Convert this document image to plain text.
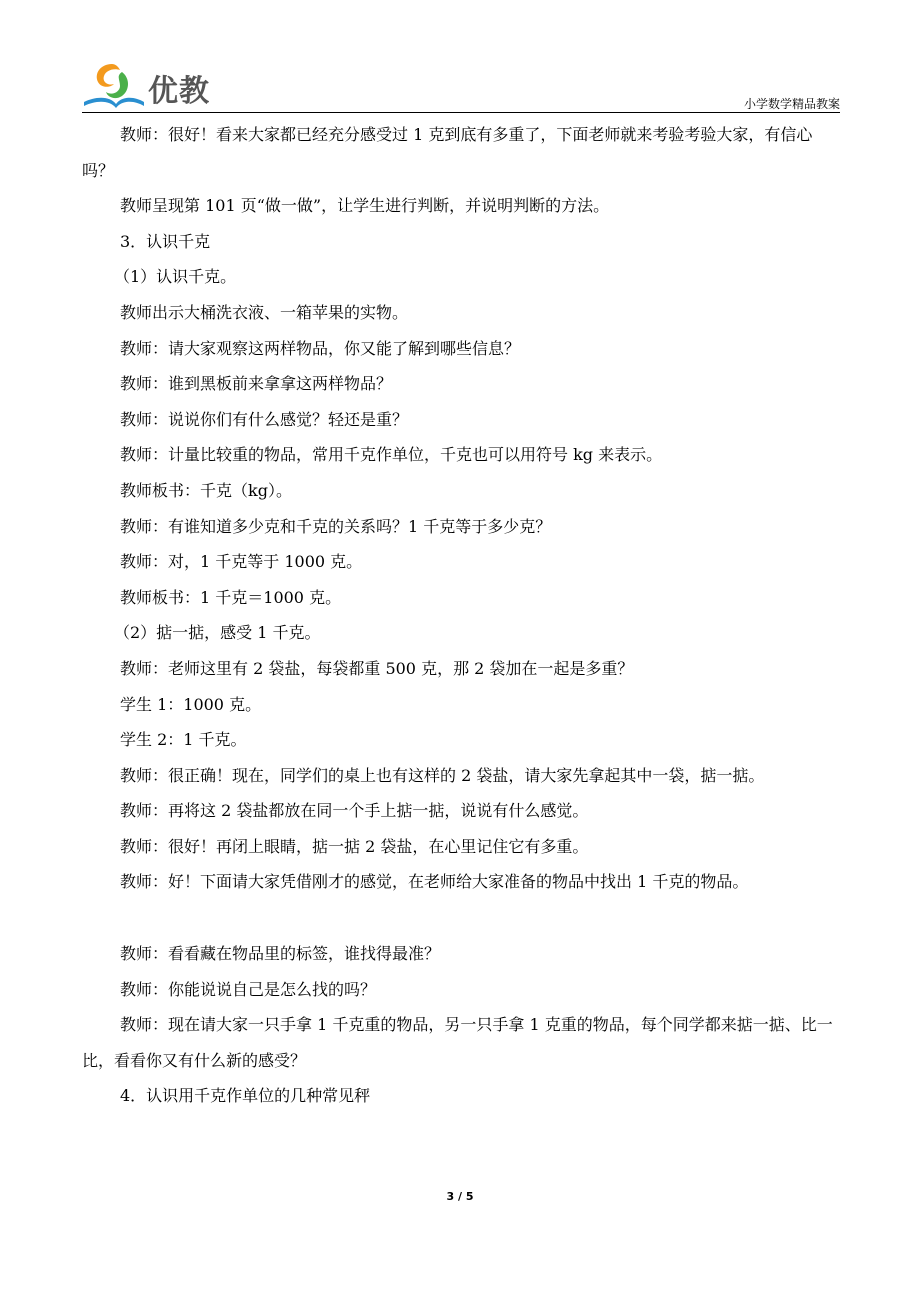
优教	小学数学精品教案

教师：很好！看来大家都已经充分感受过 1 克到底有多重了，下面老师就来考验考验大家，有信心吗？

教师呈现第 101 页“做一做”，让学生进行判断，并说明判断的方法。

3．认识千克

（1）认识千克。

教师出示大桶洗衣液、一箱苹果的实物。

教师：请大家观察这两样物品，你又能了解到哪些信息？

教师：谁到黑板前来拿拿这两样物品？

教师：说说你们有什么感觉？轻还是重？

教师：计量比较重的物品，常用千克作单位，千克也可以用符号 kg 来表示。

教师板书：千克（kg）。

教师：有谁知道多少克和千克的关系吗？1 千克等于多少克？

教师：对，1 千克等于 1000 克。

教师板书：1 千克＝1000 克。

（2）掂一掂，感受 1 千克。

教师：老师这里有 2 袋盐，每袋都重 500 克，那 2 袋加在一起是多重？

学生 1：1000 克。

学生 2：1 千克。

教师：很正确！现在，同学们的桌上也有这样的 2 袋盐，请大家先拿起其中一袋，掂一掂。

教师：再将这 2 袋盐都放在同一个手上掂一掂，说说有什么感觉。

教师：很好！再闭上眼睛，掂一掂 2 袋盐，在心里记住它有多重。

教师：好！下面请大家凭借刚才的感觉，在老师给大家准备的物品中找出 1 千克的物品。

教师：看看藏在物品里的标签，谁找得最准？

教师：你能说说自己是怎么找的吗？

教师：现在请大家一只手拿 1 千克重的物品，另一只手拿 1 克重的物品，每个同学都来掂一掂、比一比，看看你又有什么新的感受？

4．认识用千克作单位的几种常见秤

3 / 5
